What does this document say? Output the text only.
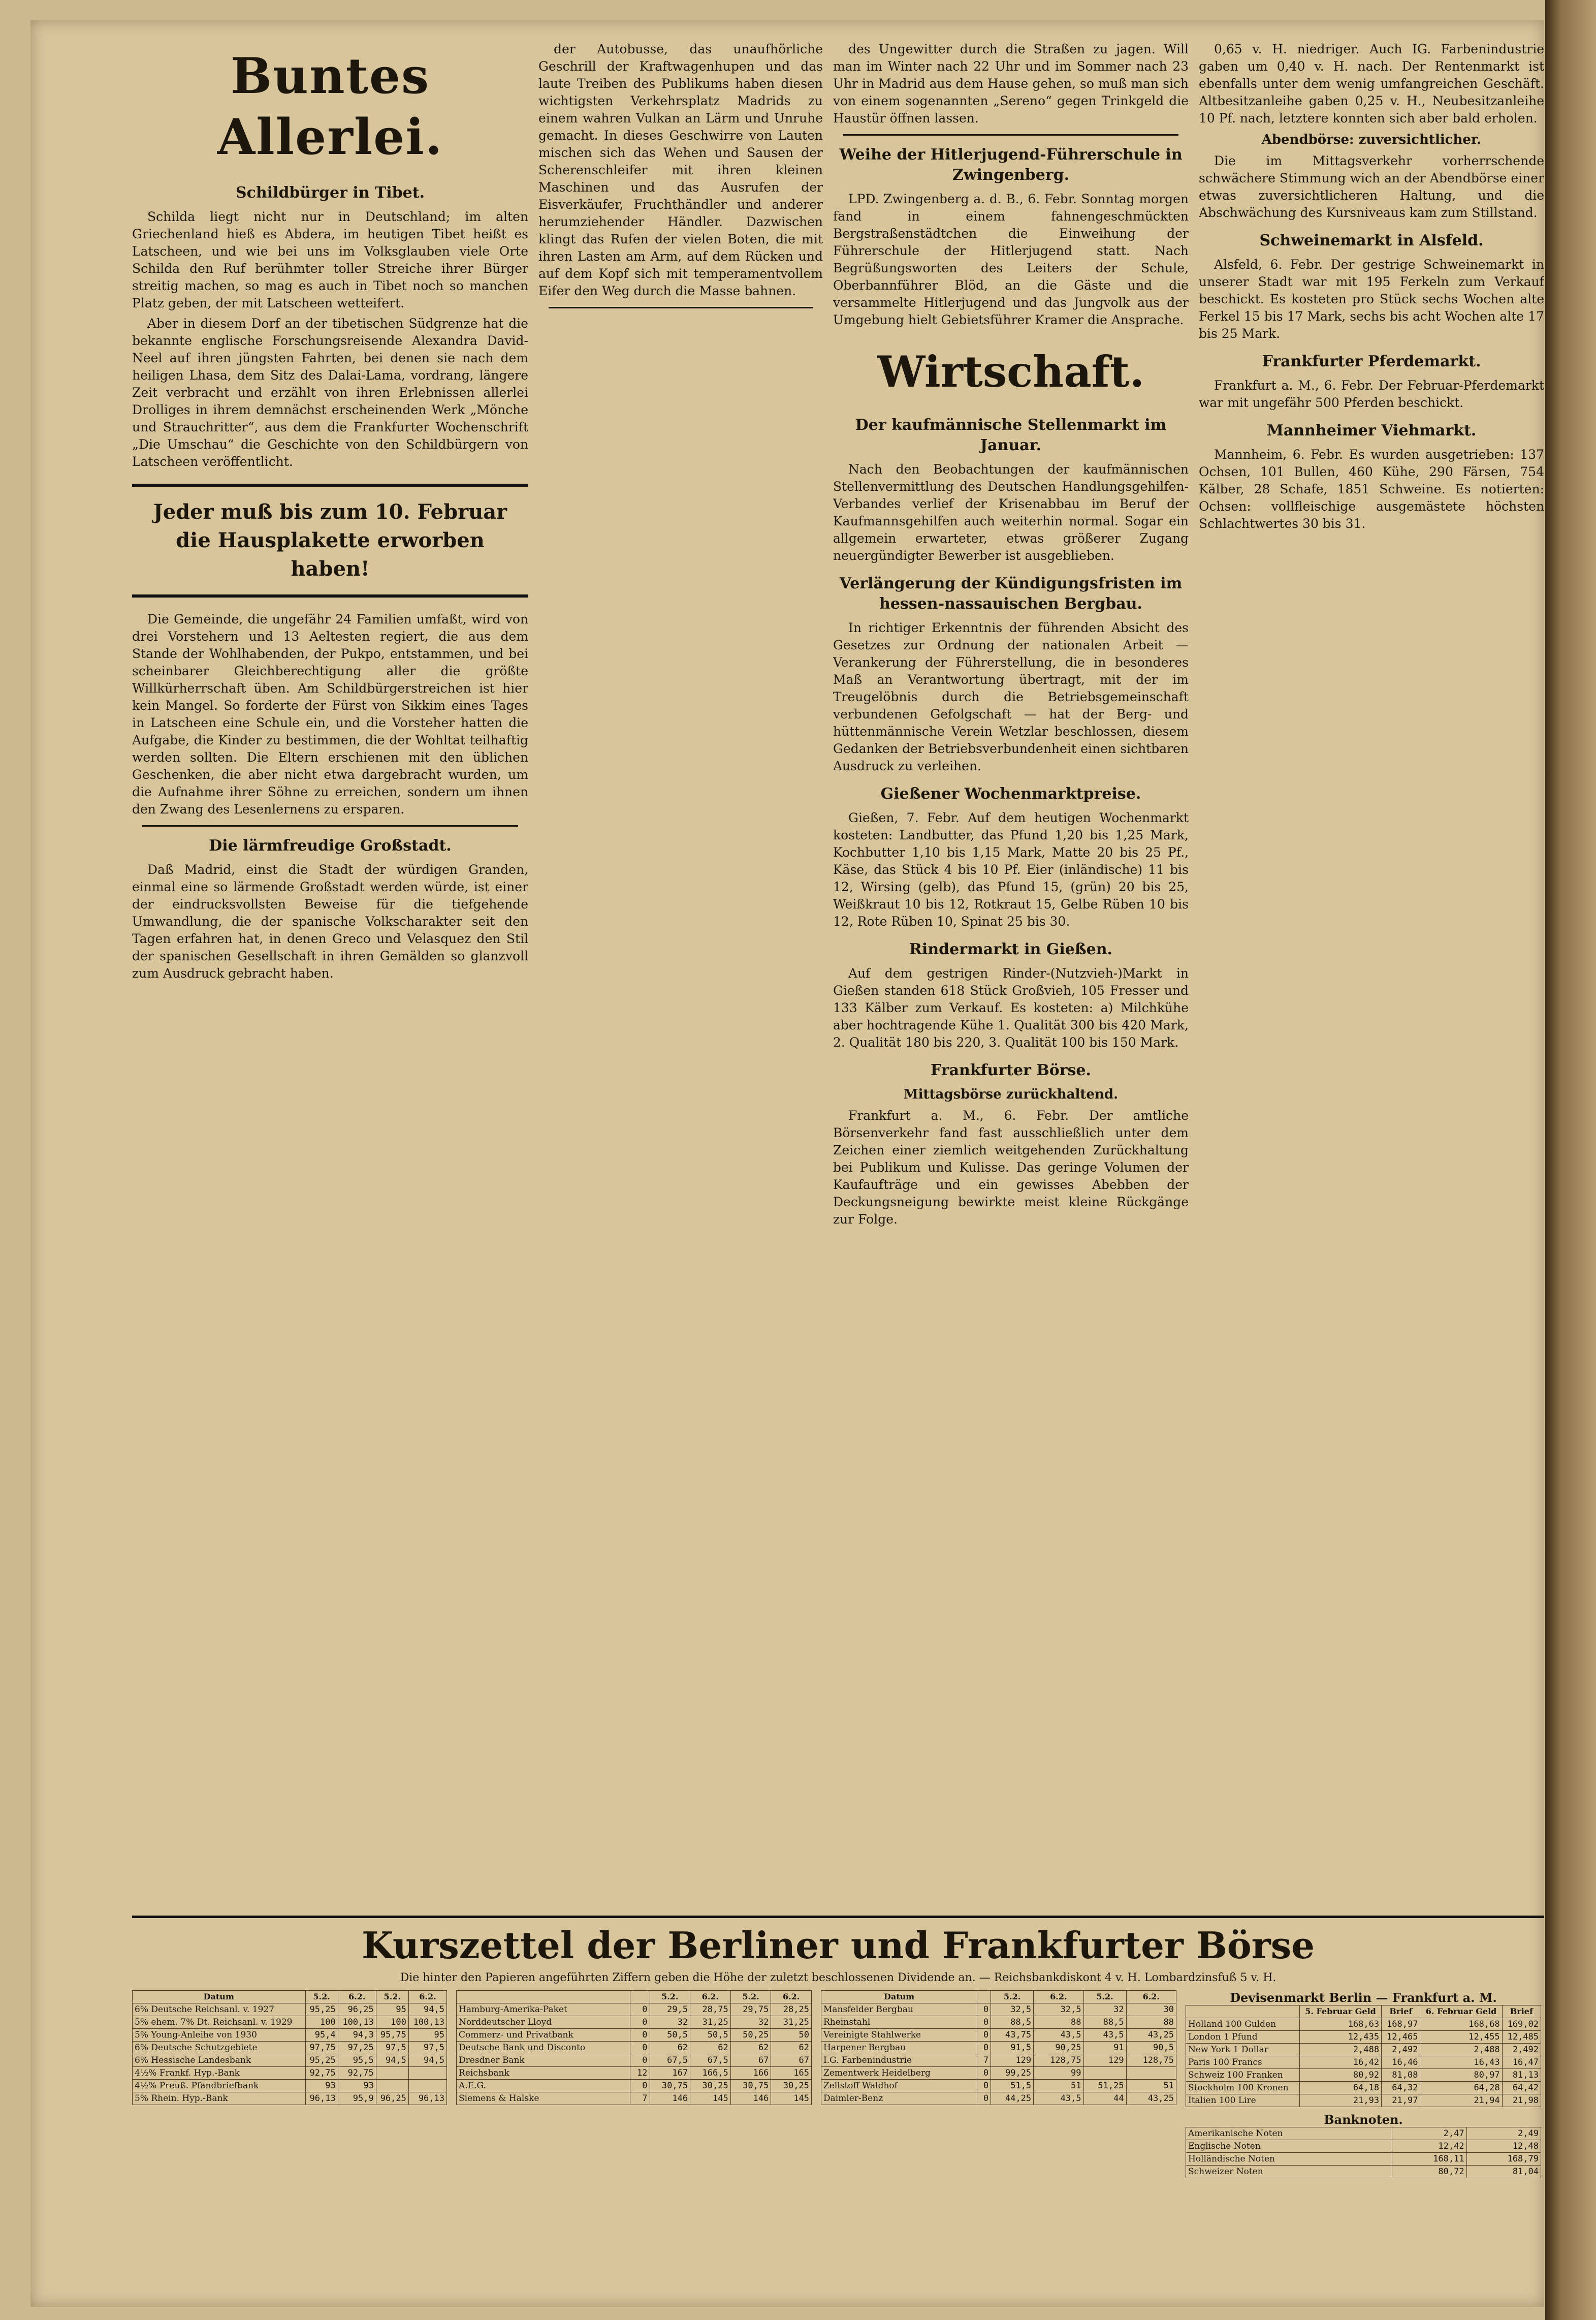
Buntes Allerlei.
Schildbürger in Tibet.

Schilda liegt nicht nur in Deutschland; im alten Griechenland hieß es Abdera, im heutigen Tibet heißt es Latscheen, und wie bei uns im Volksglauben viele Orte Schilda den Ruf berühmter toller Streiche ihrer Bürger streitig machen, so mag es auch in Tibet noch so manchen Platz geben, der mit Latscheen wetteifert.

Aber in diesem Dorf an der tibetischen Südgrenze hat die bekannte englische Forschungsreisende Alexandra David-Neel auf ihren jüngsten Fahrten, bei denen sie nach dem heiligen Lhasa, dem Sitz des Dalai-Lama, vordrang, längere Zeit verbracht und erzählt von ihren Erlebnissen allerlei Drolliges in ihrem demnächst erscheinenden Werk „Mönche und Strauchritter“, aus dem die Frankfurter Wochenschrift „Die Umschau“ die Geschichte von den Schildbürgern von Latscheen veröffentlicht.

Jeder muß bis zum 10. Februar
die Hausplakette erworben haben!

Die Gemeinde, die ungefähr 24 Familien umfaßt, wird von drei Vorstehern und 13 Aeltesten regiert, die aus dem Stande der Wohlhabenden, der Pukpo, entstammen, und bei scheinbarer Gleichberechtigung aller die größte Willkürherrschaft üben. Am Schildbürgerstreichen ist hier kein Mangel. So forderte der Fürst von Sikkim eines Tages in Latscheen eine Schule ein, und die Vorsteher hatten die Aufgabe, die Kinder zu bestimmen, die der Wohltat teilhaftig werden sollten. Die Eltern erschienen mit den üblichen Geschenken, die aber nicht etwa dargebracht wurden, um die Aufnahme ihrer Söhne zu erreichen, sondern um ihnen den Zwang des Lesenlernens zu ersparen.

Die lärmfreudige Großstadt.

Daß Madrid, einst die Stadt der würdigen Granden, einmal eine so lärmende Großstadt werden würde, ist einer der eindrucksvollsten Beweise für die tiefgehende Umwandlung, die der spanische Volkscharakter seit den Tagen erfahren hat, in denen Greco und Velasquez den Stil der spanischen Gesellschaft in ihren Gemälden so glanzvoll zum Ausdruck gebracht haben.

der Autobusse, das unaufhörliche Geschrill der Kraftwagenhupen und das laute Treiben des Publikums haben diesen wichtigsten Verkehrsplatz Madrids zu einem wahren Vulkan an Lärm und Unruhe gemacht. In dieses Geschwirre von Lauten mischen sich das Wehen und Sausen der Scherenschleifer mit ihren kleinen Maschinen und das Ausrufen der Eisverkäufer, Fruchthändler und anderer herumziehender Händler. Dazwischen klingt das Rufen der vielen Boten, die mit ihren Lasten am Arm, auf dem Rücken und auf dem Kopf sich mit temperamentvollem Eifer den Weg durch die Masse bahnen.

des Ungewitter durch die Straßen zu jagen. Will man im Winter nach 22 Uhr und im Sommer nach 23 Uhr in Madrid aus dem Hause gehen, so muß man sich von einem sogenannten „Sereno“ gegen Trinkgeld die Haustür öffnen lassen.

Weihe der Hitlerjugend-Führerschule in Zwingenberg.

LPD. Zwingenberg a. d. B., 6. Febr. Sonntag morgen fand in einem fahnengeschmückten Bergstraßenstädtchen die Einweihung der Führerschule der Hitlerjugend statt. Nach Begrüßungsworten des Leiters der Schule, Oberbannführer Blöd, an die Gäste und die versammelte Hitlerjugend und das Jungvolk aus der Umgebung hielt Gebietsführer Kramer die Ansprache.

Wirtschaft.
Der kaufmännische Stellenmarkt im Januar.

Nach den Beobachtungen der kaufmännischen Stellenvermittlung des Deutschen Handlungsgehilfen-Verbandes verlief der Krisenabbau im Beruf der Kaufmannsgehilfen auch weiterhin normal. Sogar ein allgemein erwarteter, etwas größerer Zugang neuergündigter Bewerber ist ausgeblieben.

Verlängerung der Kündigungsfristen im hessen-nassauischen Bergbau.

In richtiger Erkenntnis der führenden Absicht des Gesetzes zur Ordnung der nationalen Arbeit — Verankerung der Führerstellung, die in besonderes Maß an Verantwortung übertragt, mit der im Treugelöbnis durch die Betriebsgemeinschaft verbundenen Gefolgschaft — hat der Berg- und hüttenmännische Verein Wetzlar beschlossen, diesem Gedanken der Betriebsverbundenheit einen sichtbaren Ausdruck zu verleihen.

Gießener Wochenmarktpreise.

Gießen, 7. Febr. Auf dem heutigen Wochenmarkt kosteten: Landbutter, das Pfund 1,20 bis 1,25 Mark, Kochbutter 1,10 bis 1,15 Mark, Matte 20 bis 25 Pf., Käse, das Stück 4 bis 10 Pf. Eier (inländische) 11 bis 12, Wirsing (gelb), das Pfund 15, (grün) 20 bis 25, Weißkraut 10 bis 12, Rotkraut 15, Gelbe Rüben 10 bis 12, Rote Rüben 10, Spinat 25 bis 30.

Rindermarkt in Gießen.

Auf dem gestrigen Rinder-(Nutzvieh-)Markt in Gießen standen 618 Stück Großvieh, 105 Fresser und 133 Kälber zum Verkauf. Es kosteten: a) Milchkühe aber hochtragende Kühe 1. Qualität 300 bis 420 Mark, 2. Qualität 180 bis 220, 3. Qualität 100 bis 150 Mark.

Frankfurter Börse.
Mittagsbörse zurückhaltend.

Frankfurt a. M., 6. Febr. Der amtliche Börsenverkehr fand fast ausschließlich unter dem Zeichen einer ziemlich weitgehenden Zurückhaltung bei Publikum und Kulisse. Das geringe Volumen der Kaufaufträge und ein gewisses Abebben der Deckungsneigung bewirkte meist kleine Rückgänge zur Folge.

0,65 v. H. niedriger. Auch IG. Farbenindustrie gaben um 0,40 v. H. nach. Der Rentenmarkt ist ebenfalls unter dem wenig umfangreichen Geschäft. Altbesitzanleihe gaben 0,25 v. H., Neubesitzanleihe 10 Pf. nach, letztere konnten sich aber bald erholen.

Abendbörse: zuversichtlicher.

Die im Mittagsverkehr vorherrschende schwächere Stimmung wich an der Abendbörse einer etwas zuversichtlicheren Haltung, und die Abschwächung des Kursniveaus kam zum Stillstand.

Schweinemarkt in Alsfeld.

Alsfeld, 6. Febr. Der gestrige Schweinemarkt in unserer Stadt war mit 195 Ferkeln zum Verkauf beschickt. Es kosteten pro Stück sechs Wochen alte Ferkel 15 bis 17 Mark, sechs bis acht Wochen alte 17 bis 25 Mark.

Frankfurter Pferdemarkt.

Frankfurt a. M., 6. Febr. Der Februar-Pferdemarkt war mit ungefähr 500 Pferden beschickt.

Mannheimer Viehmarkt.

Mannheim, 6. Febr. Es wurden ausgetrieben: 137 Ochsen, 101 Bullen, 460 Kühe, 290 Färsen, 754 Kälber, 28 Schafe, 1851 Schweine. Es notierten: Ochsen: vollfleischige ausgemästete höchsten Schlachtwertes 30 bis 31.

Kurszettel der Berliner und Frankfurter Börse
Die hinter den Papieren angeführten Ziffern geben die Höhe der zuletzt beschlossenen Dividende an. — Reichsbankdiskont 4 v. H. Lombardzinsfuß 5 v. H.
Datum	5.2.	6.2.	5.2.	6.2.
6% Deutsche Reichsanl. v. 1927	95,25	96,25	95	94,5
5% ehem. 7% Dt. Reichsanl. v. 1929	100	100,13	100	100,13
5% Young-Anleihe von 1930	95,4	94,3	95,75	95
6% Deutsche Schutzgebiete	97,75	97,25	97,5	97,5
6% Hessische Landesbank	95,25	95,5	94,5	94,5
4½% Frankf. Hyp.-Bank	92,75	92,75		
4½% Preuß. Pfandbriefbank	93	93		
5% Rhein. Hyp.-Bank	96,13	95,9	96,25	96,13
		5.2.	6.2.	5.2.	6.2.
Hamburg-Amerika-Paket	0	29,5	28,75	29,75	28,25
Norddeutscher Lloyd	0	32	31,25	32	31,25
Commerz- und Privatbank	0	50,5	50,5	50,25	50
Deutsche Bank und Disconto	0	62	62	62	62
Dresdner Bank	0	67,5	67,5	67	67
Reichsbank	12	167	166,5	166	165
A.E.G.	0	30,75	30,25	30,75	30,25
Siemens & Halske	7	146	145	146	145
Datum		5.2.	6.2.	5.2.	6.2.
Mansfelder Bergbau	0	32,5	32,5	32	30
Rheinstahl	0	88,5	88	88,5	88
Vereinigte Stahlwerke	0	43,75	43,5	43,5	43,25
Harpener Bergbau	0	91,5	90,25	91	90,5
I.G. Farbenindustrie	7	129	128,75	129	128,75
Zementwerk Heidelberg	0	99,25	99		
Zellstoff Waldhof	0	51,5	51	51,25	51
Daimler-Benz	0	44,25	43,5	44	43,25
Devisenmarkt Berlin — Frankfurt a. M.
	5. Februar Geld	Brief	6. Februar Geld	Brief
Holland 100 Gulden	168,63	168,97	168,68	169,02
London 1 Pfund	12,435	12,465	12,455	12,485
New York 1 Dollar	2,488	2,492	2,488	2,492
Paris 100 Francs	16,42	16,46	16,43	16,47
Schweiz 100 Franken	80,92	81,08	80,97	81,13
Stockholm 100 Kronen	64,18	64,32	64,28	64,42
Italien 100 Lire	21,93	21,97	21,94	21,98
Banknoten.
Amerikanische Noten	2,47	2,49
Englische Noten	12,42	12,48
Holländische Noten	168,11	168,79
Schweizer Noten	80,72	81,04
